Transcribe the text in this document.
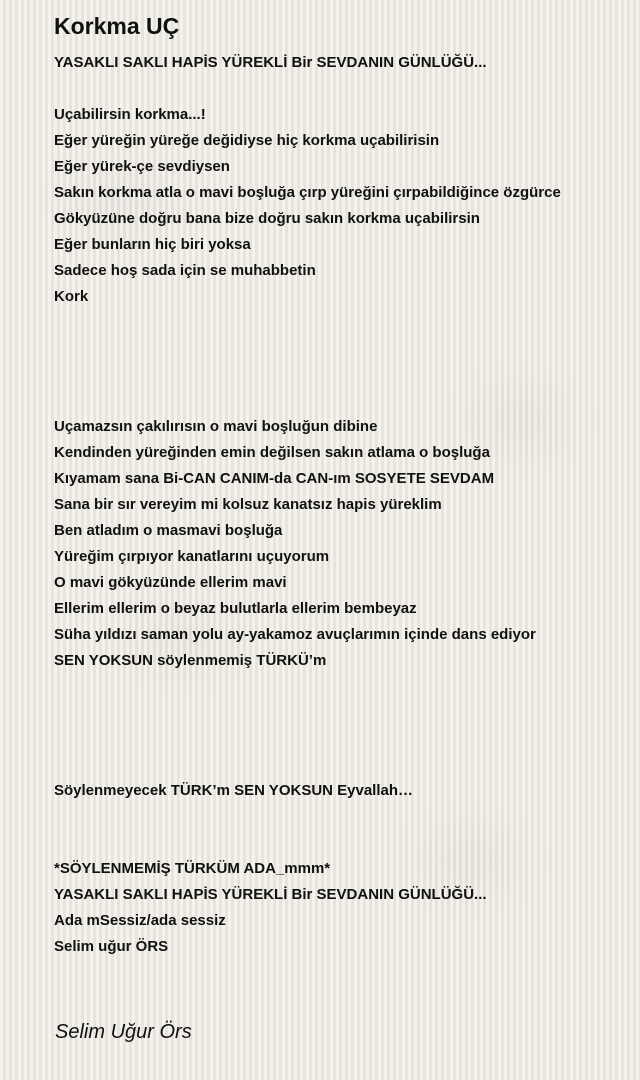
Korkma UÇ
YASAKLI SAKLI HAPİS YÜREKLİ Bir SEVDANIN GÜNLÜĞÜ...
Uçabilirsin korkma...!
Eğer yüreğin yüreğe değidiyse hiç korkma uçabilirisin
Eğer yürek-çe sevdiysen
Sakın korkma atla o mavi boşluğa çırp yüreğini çırpabildiğince özgürce
Gökyüzüne doğru bana bize doğru sakın korkma uçabilirsin
Eğer bunların hiç biri yoksa
Sadece hoş sada için se muhabbetin
Kork
Uçamazsın çakılırısın o mavi boşluğun dibine
Kendinden yüreğinden emin değilsen sakın atlama o boşluğa
Kıyamam sana Bi-CAN CANIM-da CAN-ım SOSYETE SEVDAM
Sana bir sır vereyim mi kolsuz kanatsız hapis yüreklim
Ben atladım o masmavi boşluğa
Yüreğim çırpıyor kanatlarını uçuyorum
O mavi gökyüzünde ellerim mavi
Ellerim ellerim o beyaz bulutlarla ellerim bembeyaz
Süha yıldızı saman yolu ay-yakamoz avuçlarımın içinde dans ediyor
SEN YOKSUN söylenmemiş TÜRKÜ’m
Söylenmeyecek TÜRK’m SEN YOKSUN Eyvallah…
*SÖYLENMEMİŞ TÜRKÜM ADA_mmm*
YASAKLI SAKLI HAPİS YÜREKLİ Bir SEVDANIN GÜNLÜĞÜ...
Ada mSessiz/ada sessiz
Selim uğur ÖRS
Selim Uğur Örs
